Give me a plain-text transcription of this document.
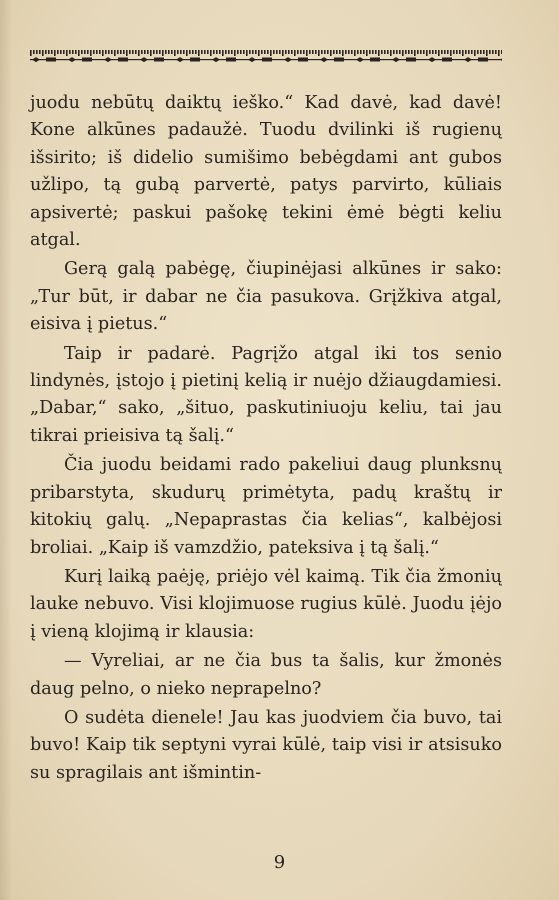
juodu nebūtų daiktų ieško.“ Kad davė, kad davė! Kone alkūnes padaužė. Tuodu dvilinki iš rugienų išsirito; iš didelio sumišimo bebėgdami ant gubos užlipo, tą gubą parvertė, patys parvirto, kūliais apsivertė; paskui pašokę tekini ėmė bėgti keliu atgal.

Gerą galą pabėgę, čiupinėjasi alkūnes ir sako: „Tur būt, ir dabar ne čia pasukova. Grįžkiva atgal, eisiva į pietus.“

Taip ir padarė. Pagrįžo atgal iki tos senio lindynės, įstojo į pietinį kelią ir nuėjo džiaugdamiesi. „Dabar,“ sako, „šituo, paskutiniuoju keliu, tai jau tikrai prieisiva tą šalį.“

Čia juodu beidami rado pakeliui daug plunksnų pribarstyta, skudurų primėtyta, padų kraštų ir kitokių galų. „Nepaprastas čia kelias“, kalbėjosi broliai. „Kaip iš vamzdžio, pateksiva į tą šalį.“

Kurį laiką paėję, priėjo vėl kaimą. Tik čia žmonių lauke nebuvo. Visi klojimuose rugius kūlė. Juodu įėjo į vieną klojimą ir klausia:

— Vyreliai, ar ne čia bus ta šalis, kur žmonės daug pelno, o nieko neprapelno?

O sudėta dienele! Jau kas juodviem čia buvo, tai buvo! Kaip tik septyni vyrai kūlė, taip visi ir atsisuko su spragilais ant išmintin-

9
